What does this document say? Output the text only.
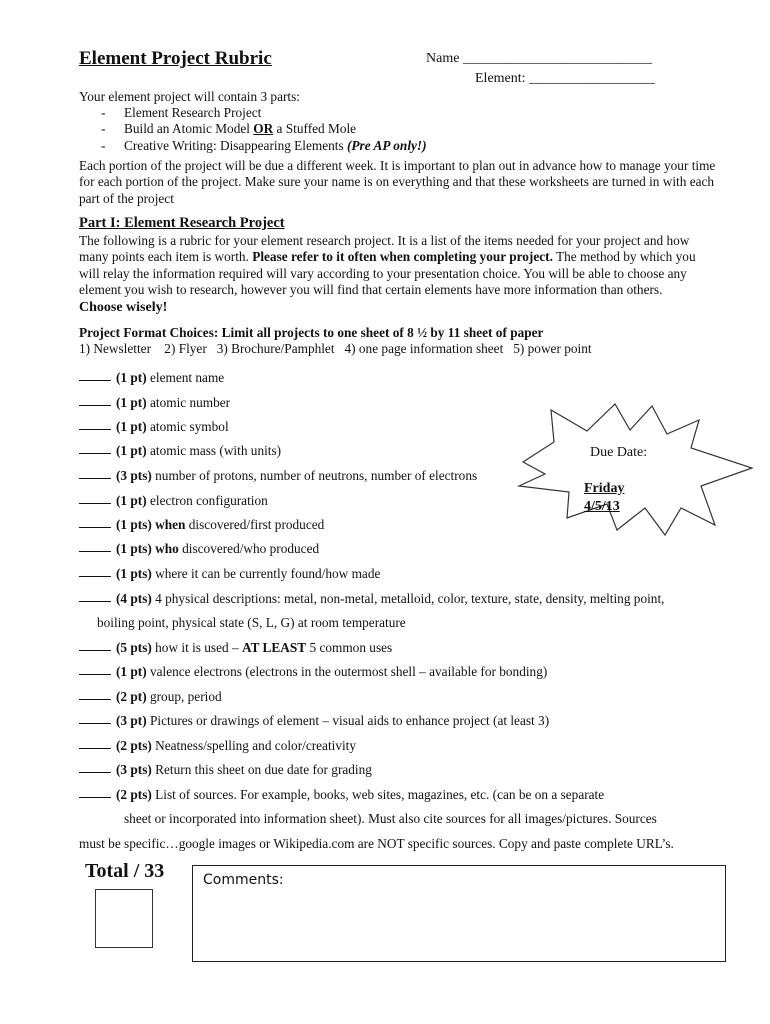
Element Project Rubric	Name ___________________________
Element: __________________
Your element project will contain 3 parts:
-	Element Research Project
-	Build an Atomic Model OR a Stuffed Mole
-	Creative Writing: Disappearing Elements (Pre AP only!)
Each portion of the project will be due a different week. It is important to plan out in advance how to manage your time for each portion of the project. Make sure your name is on everything and that these worksheets are turned in with each part of the project
Part I: Element Research Project
The following is a rubric for your element research project. It is a list of the items needed for your project and how many points each item is worth. Please refer to it often when completing your project. The method by which you will relay the information required will vary according to your presentation choice. You will be able to choose any element you wish to research, however you will find that certain elements have more information than others. Choose wisely!
Project Format Choices: Limit all projects to one sheet of 8 ½ by 11 sheet of paper
1) Newsletter    2) Flyer   3) Brochure/Pamphlet   4) one page information sheet   5) power point
(1 pt) element name
(1 pt) atomic number
(1 pt) atomic symbol
(1 pt) atomic mass (with units)
(3 pts) number of protons, number of neutrons, number of electrons
(1 pt) electron configuration
(1 pts) when discovered/first produced
(1 pts) who discovered/who produced
(1 pts) where it can be currently found/how made
(4 pts) 4 physical descriptions: metal, non-metal, metalloid, color, texture, state, density, melting point,
(5 pts) how it is used – AT LEAST 5 common uses
(1 pt) valence electrons (electrons in the outermost shell – available for bonding)
(2 pt) group, period
(3 pt) Pictures or drawings of element – visual aids to enhance project (at least 3)
(2 pts) Neatness/spelling and color/creativity
(3 pts) Return this sheet on due date for grading
(2 pts) List of sources. For example, books, web sites, magazines, etc. (can be on a separate
boiling point, physical state (S, L, G) at room temperature
sheet or incorporated into information sheet). Must also cite sources for all images/pictures. Sources
must be specific…google images or Wikipedia.com are NOT specific sources. Copy and paste complete URL’s.
Due Date:
Friday
4/5/13
Total / 33	Comments:
